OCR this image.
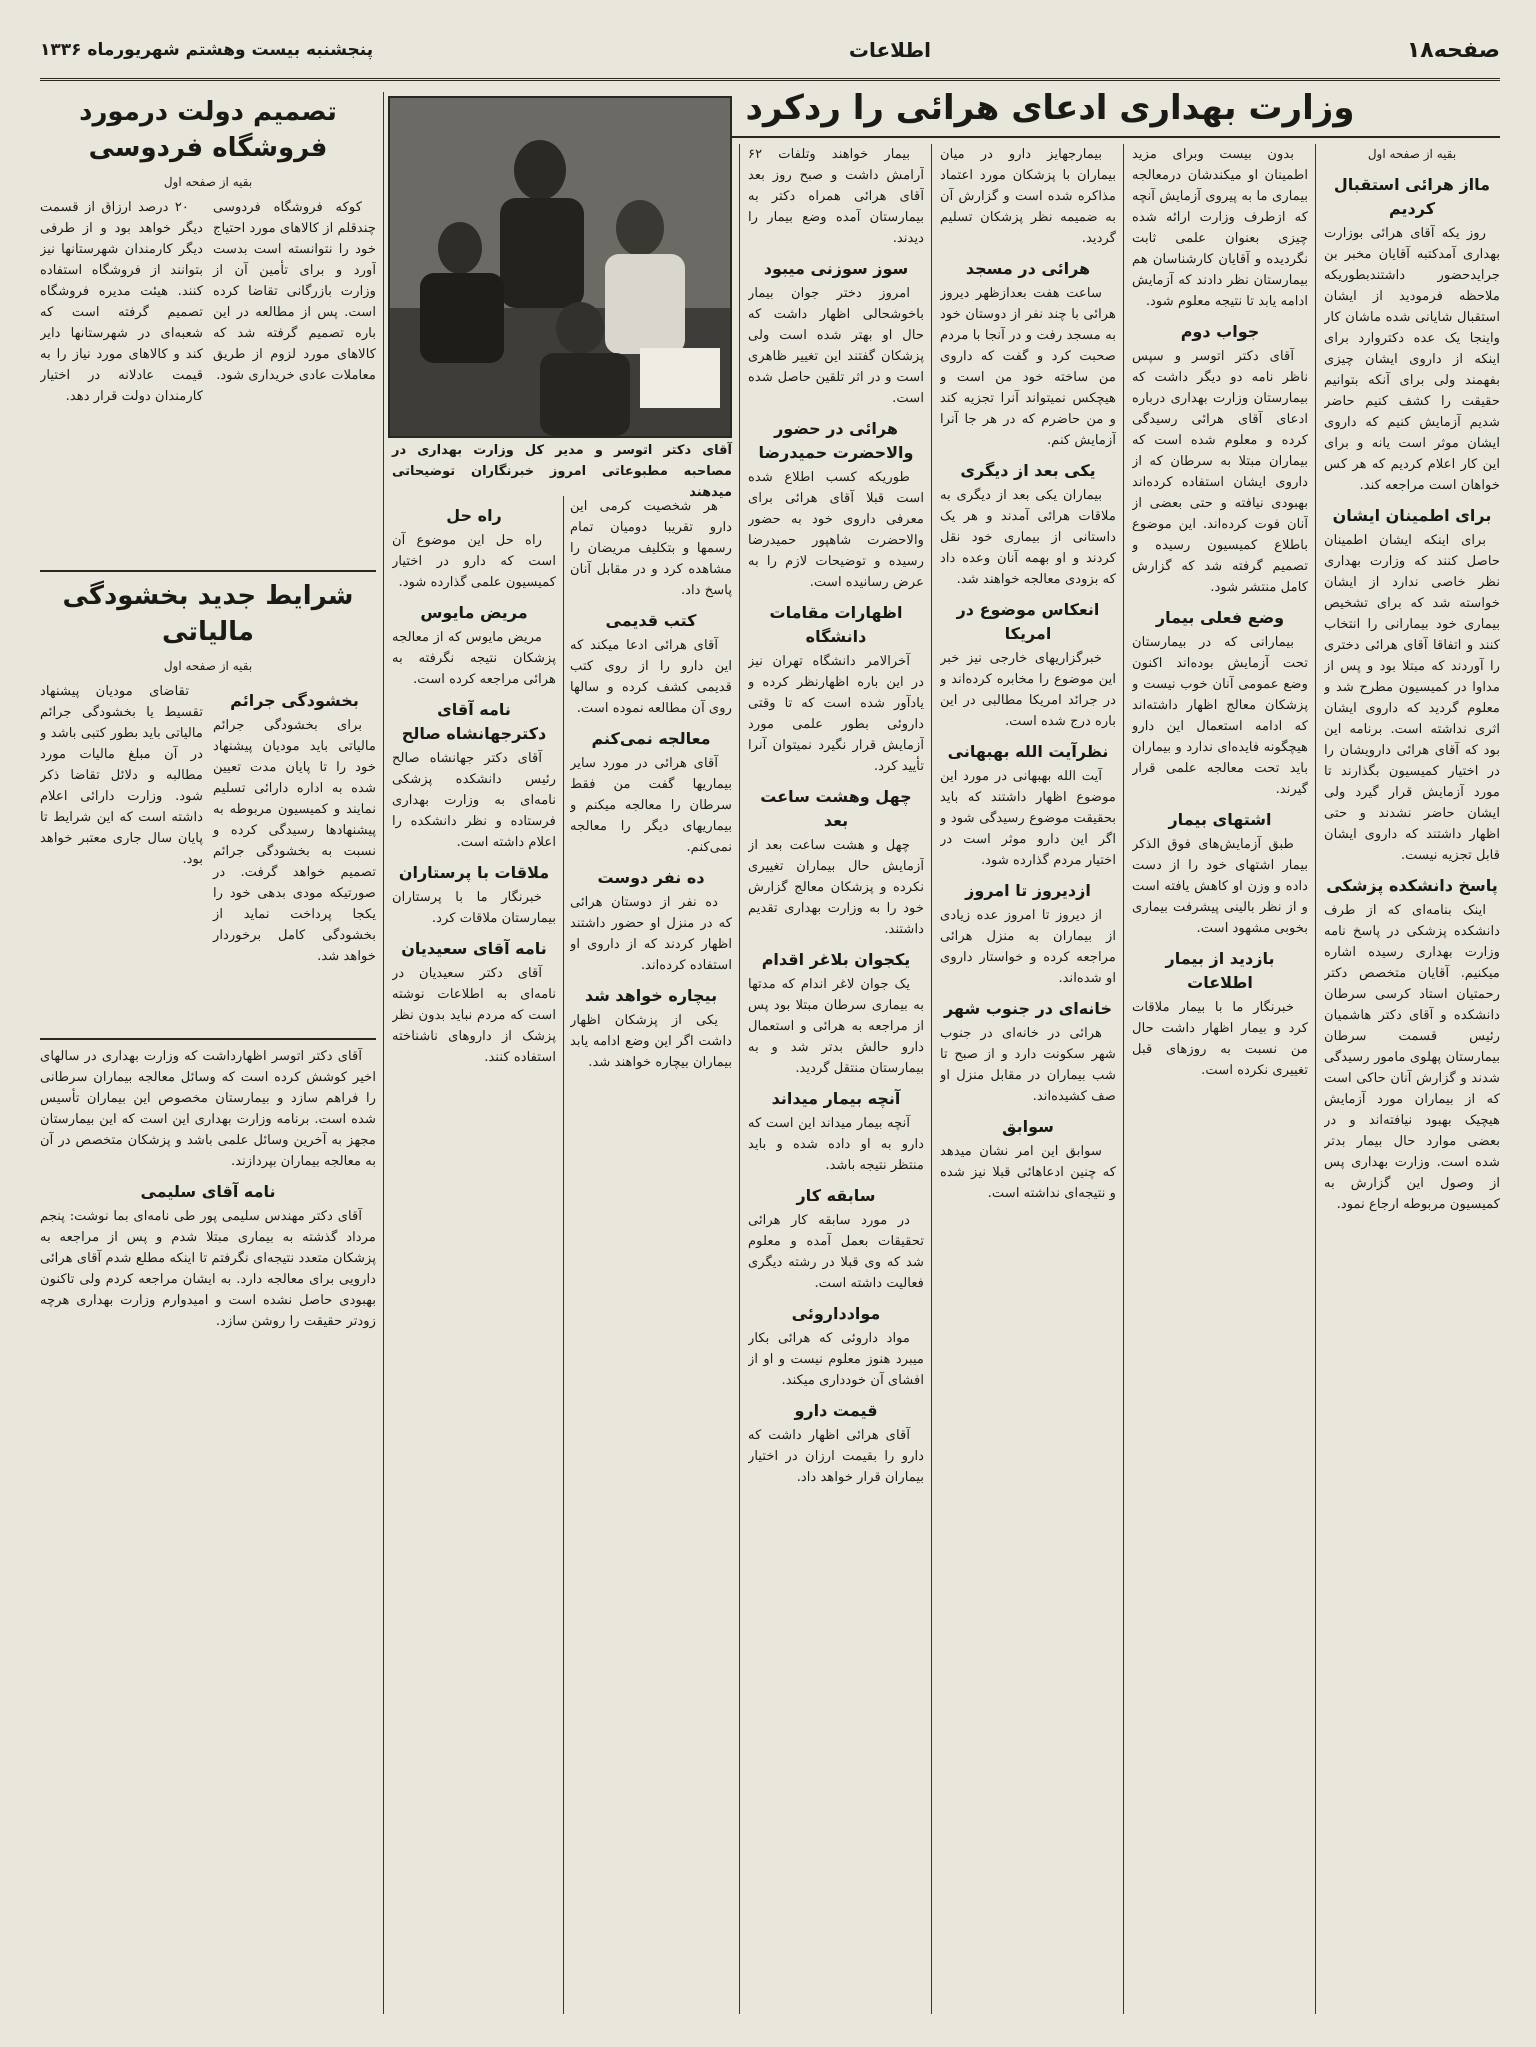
صفحه۱۸
اطلاعات
پنجشنبه بیست وهشتم شهریورماه ۱۳۳۶
وزارت بهداری ادعای هرائی را ردکرد
بقیه از صفحه اول
مااز هرائی استقبال کرديم

روز یکه آقای هرائی بوزارت بهداری آمدکتبه آقایان مخبر بن جرایدحضور داشتندبطوریکه ملاحظه فرمودید از ایشان استقبال شایانی شده ماشان کار واینجا یک عده دکتروارد برای اینکه از داروی ایشان چیزی بفهمند ولی برای آنکه بتوانیم حقیقت را کشف کنیم حاضر شدیم آزمایش کنیم که داروی ایشان موثر است یانه و برای این کار اعلام کردیم که هر کس خواهان است مراجعه کند.

برای اطمینان ایشان

برای اینکه ایشان اطمینان حاصل کنند که وزارت بهداری نظر خاصی ندارد از ایشان خواسته شد که برای تشخیص بیماری خود بیمارانی را انتخاب کنند و اتفاقا آقای هرائی دختری را آوردند که مبتلا بود و پس از مداوا در کمیسیون مطرح شد و معلوم گردید که داروی ایشان اثری نداشته است. برنامه این بود که آقای هرائی دارویشان را در اختیار کمیسیون بگذارند تا مورد آزمایش قرار گیرد ولی ایشان حاضر نشدند و حتی اظهار داشتند که داروی ایشان قابل تجزیه نیست.

پاسخ دانشکده پزشکی

اینک بنامه‌ای که از طرف دانشکده پزشکی در پاسخ نامه وزارت بهداری رسیده اشاره میکنیم. آقایان متخصص دکتر رحمتیان استاد کرسی سرطان دانشکده و آقای دکتر هاشمیان رئیس قسمت سرطان بیمارستان پهلوی مامور رسیدگی شدند و گزارش آنان حاکی است که از بیماران مورد آزمایش هیچیک بهبود نیافته‌اند و در بعضی موارد حال بیمار بدتر شده است. وزارت بهداری پس از وصول این گزارش به کمیسیون مربوطه ارجاع نمود.

بدون بیست وبرای مزید اطمینان او میکندشان درمعالجه بیماری ما به پیروی آزمایش آنچه که ازطرف وزارت ارائه شده چیزی بعنوان علمی ثابت نگردیده و آقایان کارشناسان هم بیمارستان نظر دادند که آزمایش ادامه یابد تا نتیجه معلوم شود.

جواب دوم

آقای دکتر اتوسر و سپس ناظر نامه دو دیگر داشت که بیمارستان وزارت بهداری درباره ادعای آقای هرائی رسیدگی کرده و معلوم شده است که بیماران مبتلا به سرطان که از داروی ایشان استفاده کرده‌اند بهبودی نیافته و حتی بعضی از آنان فوت کرده‌اند. این موضوع باطلاع کمیسیون رسیده و تصمیم گرفته شد که گزارش کامل منتشر شود.

وضع فعلی بیمار

بیمارانی که در بیمارستان تحت آزمایش بوده‌اند اکنون وضع عمومی آنان خوب نیست و پزشکان معالج اظهار داشته‌اند که ادامه استعمال این دارو هیچگونه فایده‌ای ندارد و بیماران باید تحت معالجه علمی قرار گیرند.

اشتهای بیمار

طبق آزمایش‌های فوق الذکر بیمار اشتهای خود را از دست داده و وزن او کاهش یافته است و از نظر بالینی پیشرفت بیماری بخوبی مشهود است.

بازدید از بیمار اطلاعات

خبرنگار ما با بیمار ملاقات کرد و بیمار اظهار داشت حال من نسبت به روزهای قبل تغییری نکرده است.

بیمارجهایز دارو در میان بیماران با پزشکان مورد اعتماد مذاکره شده است و گزارش آن به ضمیمه نظر پزشکان تسلیم گردید.

هرائی در مسجد

ساعت هفت بعدازظهر دیروز هرائی با چند نفر از دوستان خود به مسجد رفت و در آنجا با مردم صحبت کرد و گفت که داروی من ساخته خود من است و هیچکس نمیتواند آنرا تجزیه کند و من حاضرم که در هر جا آنرا آزمایش کنم.

یکی بعد از دیگری

بیماران یکی بعد از دیگری به ملاقات هرائی آمدند و هر یک داستانی از بیماری خود نقل کردند و او بهمه آنان وعده داد که بزودی معالجه خواهند شد.

انعکاس موضوع در امریکا

خبرگزاریهای خارجی نیز خبر این موضوع را مخابره کرده‌اند و در جرائد امریکا مطالبی در این باره درج شده است.

نظرآیت الله بهبهانی

آیت الله بهبهانی در مورد این موضوع اظهار داشتند که باید بحقیقت موضوع رسیدگی شود و اگر این دارو موثر است در اختیار مردم گذارده شود.

ازدیروز تا امروز

از دیروز تا امروز عده زیادی از بیماران به منزل هرائی مراجعه کرده و خواستار داروی او شده‌اند.

خانه‌ای در جنوب شهر

هرائی در خانه‌ای در جنوب شهر سکونت دارد و از صبح تا شب بیماران در مقابل منزل او صف کشیده‌اند.

سوابق

سوابق این امر نشان میدهد که چنین ادعاهائی قبلا نیز شده و نتیجه‌ای نداشته است.

بیمار خواهند وتلفات ۶۲ آرامش داشت و صبح روز بعد آقای هرائی همراه دکتر به بیمارستان آمده وضع بیمار را دیدند.

سوز سوزنی میبود

امروز دختر جوان بیمار باخوشحالی اظهار داشت که حال او بهتر شده است ولی پزشکان گفتند این تغییر ظاهری است و در اثر تلقین حاصل شده است.

هرائی در حضور والاحضرت حمیدرضا

طوریکه کسب اطلاع شده است قبلا آقای هرائی برای معرفی داروی خود به حضور والاحضرت شاهپور حمیدرضا رسیده و توضیحات لازم را به عرض رسانیده است.

اظهارات مقامات دانشگاه

آخرالامر دانشگاه تهران نیز در این باره اظهارنظر کرده و یادآور شده است که تا وقتی داروئی بطور علمی مورد آزمایش قرار نگیرد نمیتوان آنرا تأیید کرد.

چهل وهشت ساعت بعد

چهل و هشت ساعت بعد از آزمایش حال بیماران تغییری نکرده و پزشکان معالج گزارش خود را به وزارت بهداری تقدیم داشتند.

یکجوان بلاغر اقدام

یک جوان لاغر اندام که مدتها به بیماری سرطان مبتلا بود پس از مراجعه به هرائی و استعمال دارو حالش بدتر شد و به بیمارستان منتقل گردید.

آنچه بیمار میداند

آنچه بیمار میداند این است که دارو به او داده شده و باید منتظر نتیجه باشد.

سابقه کار

در مورد سابقه کار هرائی تحقیقات بعمل آمده و معلوم شد که وی قبلا در رشته دیگری فعالیت داشته است.

موادداروئی

مواد داروئی که هرائی بکار میبرد هنوز معلوم نیست و او از افشای آن خودداری میکند.

قیمت دارو

آقای هرائی اظهار داشت که دارو را بقیمت ارزان در اختیار بیماران قرار خواهد داد.

آقای دکتر اتوسر و مدیر کل وزارت بهداری در مصاحبه مطبوعاتی امروز خبرنگاران توضیحاتی میدهند

هر شخصیت کرمی این دارو تقریبا دومیان تمام رسمها و بتکلیف مریضان را مشاهده کرد و در مقابل آنان پاسخ داد.

کتب قدیمی

آقای هرائی ادعا میکند که این دارو را از روی کتب قدیمی کشف کرده و سالها روی آن مطالعه نموده است.

معالجه نمی‌کنم

آقای هرائی در مورد سایر بیماریها گفت من فقط سرطان را معالجه میکنم و بیماریهای دیگر را معالجه نمی‌کنم.

ده نفر دوست

ده نفر از دوستان هرائی که در منزل او حضور داشتند اظهار کردند که از داروی او استفاده کرده‌اند.

بیچاره خواهد شد

یکی از پزشکان اظهار داشت اگر این وضع ادامه یابد بیماران بیچاره خواهند شد.

راه حل

راه حل این موضوع آن است که دارو در اختیار کمیسیون علمی گذارده شود.

مریض مایوس

مریض مایوس که از معالجه پزشکان نتیجه نگرفته به هرائی مراجعه کرده است.

نامه آقای دکترجهانشاه صالح

آقای دکتر جهانشاه صالح رئیس دانشکده پزشکی نامه‌ای به وزارت بهداری فرستاده و نظر دانشکده را اعلام داشته است.

ملاقات با پرستاران

خبرنگار ما با پرستاران بیمارستان ملاقات کرد.

نامه آقای سعیدیان

آقای دکتر سعیدیان در نامه‌ای به اطلاعات نوشته است که مردم نباید بدون نظر پزشک از داروهای ناشناخته استفاده کنند.

تصمیم دولت درمورد فروشگاه فردوسی
بقیه از صفحه اول

کوکه فروشگاه فردوسی چندقلم از کالاهای مورد احتیاج خود را نتوانسته است بدست آورد و برای تأمین آن از وزارت بازرگانی تقاضا کرده است. پس از مطالعه در این باره تصمیم گرفته شد که کالاهای مورد لزوم از طریق معاملات عادی خریداری شود.

۲۰ درصد ارزاق از قسمت دیگر خواهد بود و از طرفی دیگر کارمندان شهرستانها نیز بتوانند از فروشگاه استفاده کنند. هیئت مدیره فروشگاه تصمیم گرفته است که شعبه‌ای در شهرستانها دایر کند و کالاهای مورد نیاز را به قیمت عادلانه در اختیار کارمندان دولت قرار دهد.

شرایط جدید بخشودگی مالیاتی
بقیه از صفحه اول
بخشودگی جرائم

برای بخشودگی جرائم مالیاتی باید مودیان پیشنهاد خود را تا پایان مدت تعیین شده به اداره دارائی تسلیم نمایند و کمیسیون مربوطه به پیشنهادها رسیدگی کرده و نسبت به بخشودگی جرائم تصمیم خواهد گرفت. در صورتیکه مودی بدهی خود را یکجا پرداخت نماید از بخشودگی کامل برخوردار خواهد شد.

تقاضای مودیان پیشنهاد تقسیط یا بخشودگی جرائم مالیاتی باید بطور کتبی باشد و در آن مبلغ مالیات مورد مطالبه و دلائل تقاضا ذکر شود. وزارت دارائی اعلام داشته است که این شرایط تا پایان سال جاری معتبر خواهد بود.

آقای دکتر اتوسر اظهارداشت که وزارت بهداری در سالهای اخیر کوشش کرده است که وسائل معالجه بیماران سرطانی را فراهم سازد و بیمارستان مخصوص این بیماران تأسیس شده است. برنامه وزارت بهداری این است که این بیمارستان مجهز به آخرین وسائل علمی باشد و پزشکان متخصص در آن به معالجه بیماران بپردازند.

نامه آقای سلیمی

آقای دکتر مهندس سلیمی پور طی نامه‌ای بما نوشت: پنجم مرداد گذشته به بیماری مبتلا شدم و پس از مراجعه به پزشکان متعدد نتیجه‌ای نگرفتم تا اینکه مطلع شدم آقای هرائی دارویی برای معالجه دارد. به ایشان مراجعه کردم ولی تاکنون بهبودی حاصل نشده است و امیدوارم وزارت بهداری هرچه زودتر حقیقت را روشن سازد.
